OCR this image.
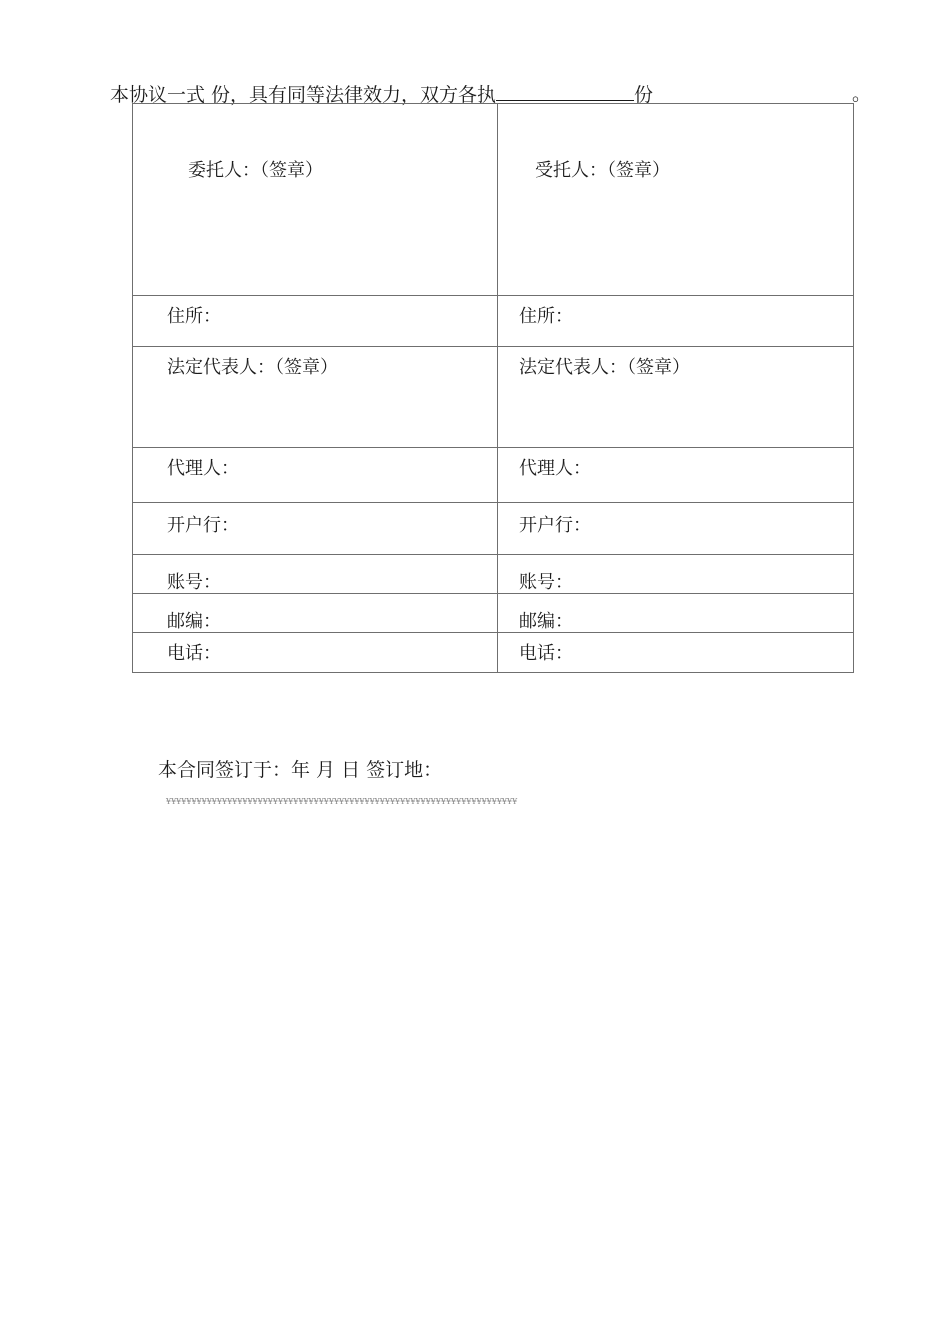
本协议一式 份，具有同等法律效力，双方各执	份	。
委托人：（签章）	受托人：（签章）

住所：	住所：

法定代表人：（签章）	法定代表人：（签章）

代理人：	代理人：

开户行：	开户行：

账号：	账号：

邮编：	邮编：

电话：	电话：
本合同签订于：年 月 日 签订地：
¥¥¥¥¥¥¥¥¥¥¥¥¥¥¥¥¥¥¥¥¥¥¥¥¥¥¥¥¥¥¥¥¥¥¥¥¥¥¥¥¥¥¥¥¥¥¥¥¥¥¥¥¥¥¥¥¥¥¥¥¥¥¥¥¥¥¥¥¥
